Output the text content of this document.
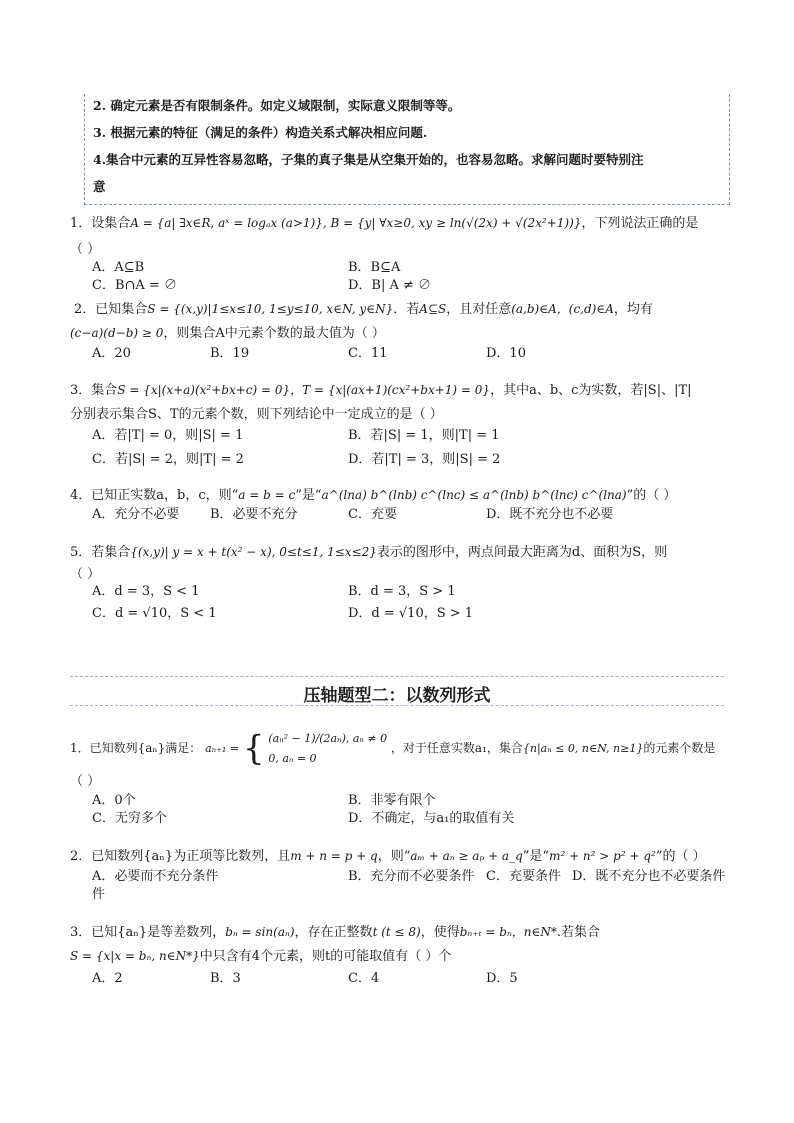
2. 确定元素是否有限制条件。如定义域限制，实际意义限制等等。
3. 根据元素的特征（满足的条件）构造关系式解决相应问题.
4.集合中元素的互异性容易忽略，子集的真子集是从空集开始的，也容易忽略。求解问题时要特别注
意
1．设集合A = {a| ∃x∈R, aˣ = logₐx (a>1)}, B = {y| ∀x≥0, xy ≥ ln(√(2x) + √(2x²+1))}，下列说法正确的是
（ ）
A．A⊆B	B．B⊆A
C．B∩A = ∅	D．B| A ≠ ∅
2．已知集合S = {(x,y)|1≤x≤10, 1≤y≤10, x∈N, y∈N}．若A⊆S，且对任意(a,b)∈A，(c,d)∈A，均有
(c−a)(d−b) ≥ 0，则集合A中元素个数的最大值为（ ）
A．20	B．19	C．11	D．10
3．集合S = {x|(x+a)(x²+bx+c) = 0}，T = {x|(ax+1)(cx²+bx+1) = 0}，其中a、b、c为实数，若|S|、|T|
分别表示集合S、T的元素个数，则下列结论中一定成立的是（ ）
A．若|T| = 0，则|S| = 1	B．若|S| = 1，则|T| = 1
C．若|S| = 2，则|T| = 2	D．若|T| = 3，则|S| = 2
4．已知正实数a，b，c，则“a = b = c”是“a^(lna) b^(lnb) c^(lnc) ≤ a^(lnb) b^(lnc) c^(lna)”的（ ）
A．充分不必要 B．必要不充分	C．充要	D．既不充分也不必要
5．若集合{(x,y)| y = x + t(x² − x), 0≤t≤1, 1≤x≤2}表示的图形中，两点间最大距离为d、面积为S，则
（ ）
A．d = 3，S < 1	B．d = 3，S > 1
C．d = √10，S < 1	D．d = √10，S > 1
压轴题型二：以数列形式
1．已知数列{aₙ}满足： aₙ₊₁ = { (aₙ² − 1)/(2aₙ), aₙ ≠ 0
0, aₙ = 0 ，对于任意实数a₁，集合{n|aₙ ≤ 0, n∈N, n≥1}的元素个数是
（ ）
A．0个	B．非零有限个
C．无穷多个	D．不确定，与a₁的取值有关
2．已知数列{aₙ}为正项等比数列，且m + n = p + q，则“aₘ + aₙ ≥ aₚ + a_q”是“m² + n² > p² + q²”的（ ）
A．必要而不充分条件
件
B．充分而不必要条件 C．充要条件 D．既不充分也不必要条件
3．已知{aₙ}是等差数列，bₙ = sin(aₙ)，存在正整数t (t ≤ 8)，使得bₙ₊ₜ = bₙ，n∈N*.若集合
S = {x|x = bₙ, n∈N*}中只含有4个元素，则t的可能取值有（ ）个
A．2	B．3	C．4	D．5
